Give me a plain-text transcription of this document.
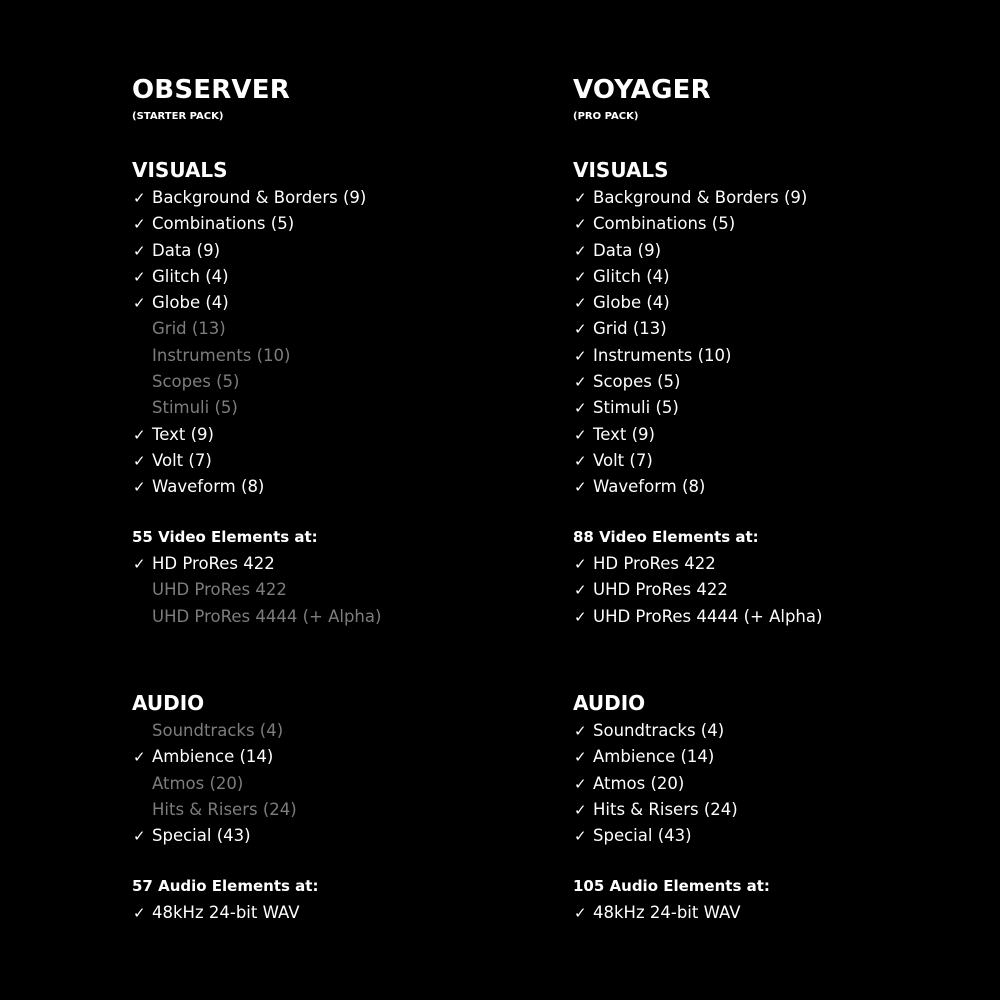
OBSERVER
(STARTER PACK)
VISUALS
✓ Background & Borders (9)
✓ Combinations (5)
✓ Data (9)
✓ Glitch (4)
✓ Globe (4)
Grid (13)
Instruments (10)
Scopes (5)
Stimuli (5)
✓ Text (9)
✓ Volt (7)
✓ Waveform (8)
55 Video Elements at:
✓ HD ProRes 422
UHD ProRes 422
UHD ProRes 4444 (+ Alpha)
AUDIO
Soundtracks (4)
✓ Ambience (14)
Atmos (20)
Hits & Risers (24)
✓ Special (43)
57 Audio Elements at:
✓ 48kHz 24-bit WAV
VOYAGER
(PRO PACK)
VISUALS
✓ Background & Borders (9)
✓ Combinations (5)
✓ Data (9)
✓ Glitch (4)
✓ Globe (4)
✓ Grid (13)
✓ Instruments (10)
✓ Scopes (5)
✓ Stimuli (5)
✓ Text (9)
✓ Volt (7)
✓ Waveform (8)
88 Video Elements at:
✓ HD ProRes 422
✓ UHD ProRes 422
✓ UHD ProRes 4444 (+ Alpha)
AUDIO
✓ Soundtracks (4)
✓ Ambience (14)
✓ Atmos (20)
✓ Hits & Risers (24)
✓ Special (43)
105 Audio Elements at:
✓ 48kHz 24-bit WAV
